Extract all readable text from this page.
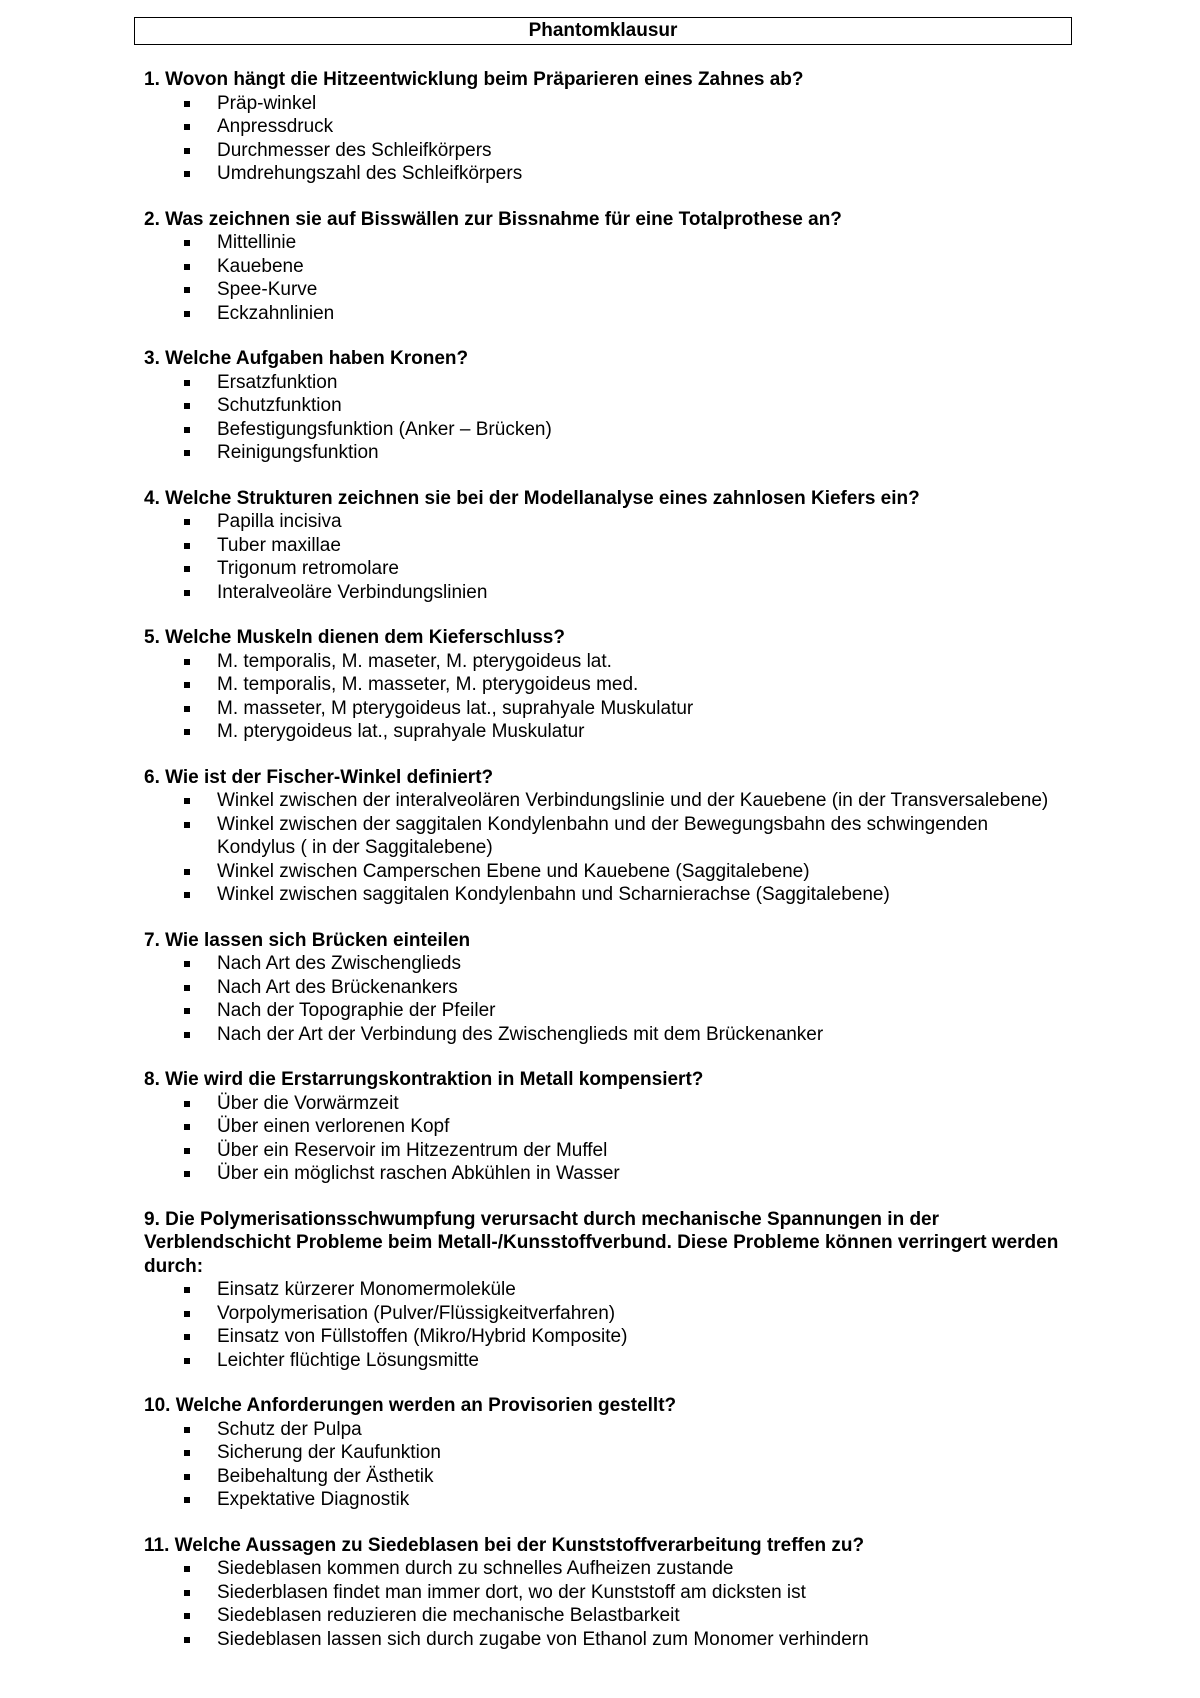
Phantomklausur
1. Wovon hängt die Hitzeentwicklung beim Präparieren eines Zahnes ab?
Präp-winkel
Anpressdruck
Durchmesser des Schleifkörpers
Umdrehungszahl des Schleifkörpers
2. Was zeichnen sie auf Bisswällen zur Bissnahme für eine Totalprothese an?
Mittellinie
Kauebene
Spee-Kurve
Eckzahnlinien
3. Welche Aufgaben haben Kronen?
Ersatzfunktion
Schutzfunktion
Befestigungsfunktion (Anker – Brücken)
Reinigungsfunktion
4. Welche Strukturen zeichnen sie bei der Modellanalyse eines zahnlosen Kiefers ein?
Papilla incisiva
Tuber maxillae
Trigonum retromolare
Interalveoläre Verbindungslinien
5. Welche Muskeln dienen dem Kieferschluss?
M. temporalis, M. maseter, M. pterygoideus lat.
M. temporalis, M. masseter, M. pterygoideus med.
M. masseter, M pterygoideus lat., suprahyale Muskulatur
M. pterygoideus lat., suprahyale Muskulatur
6. Wie ist der Fischer-Winkel definiert?
Winkel zwischen der interalveolären Verbindungslinie und der Kauebene (in der Transversalebene)
Winkel zwischen der saggitalen Kondylenbahn und der Bewegungsbahn des schwingenden Kondylus ( in der Saggitalebene)
Winkel zwischen Camperschen Ebene und Kauebene (Saggitalebene)
Winkel zwischen saggitalen Kondylenbahn und Scharnierachse (Saggitalebene)
7. Wie lassen sich Brücken einteilen
Nach Art des Zwischenglieds
Nach Art des Brückenankers
Nach der Topographie der Pfeiler
Nach der Art der Verbindung des Zwischenglieds mit dem Brückenanker
8. Wie wird die Erstarrungskontraktion in Metall kompensiert?
Über die Vorwärmzeit
Über einen verlorenen Kopf
Über ein Reservoir im Hitzezentrum der Muffel
Über ein möglichst raschen Abkühlen in Wasser
9. Die Polymerisationsschwumpfung verursacht durch mechanische Spannungen in der Verblendschicht Probleme beim Metall-/Kunsstoffverbund. Diese Probleme können verringert werden durch:
Einsatz kürzerer Monomermoleküle
Vorpolymerisation (Pulver/Flüssigkeitverfahren)
Einsatz von Füllstoffen (Mikro/Hybrid Komposite)
Leichter flüchtige Lösungsmitte
10. Welche Anforderungen werden an Provisorien gestellt?
Schutz der Pulpa
Sicherung der Kaufunktion
Beibehaltung der Ästhetik
Expektative Diagnostik
11. Welche Aussagen zu Siedeblasen bei der Kunststoffverarbeitung treffen zu?
Siedeblasen kommen durch zu schnelles Aufheizen zustande
Siederblasen findet man immer dort, wo der Kunststoff am dicksten ist
Siedeblasen reduzieren die mechanische Belastbarkeit
Siedeblasen lassen sich durch zugabe von Ethanol zum Monomer verhindern
